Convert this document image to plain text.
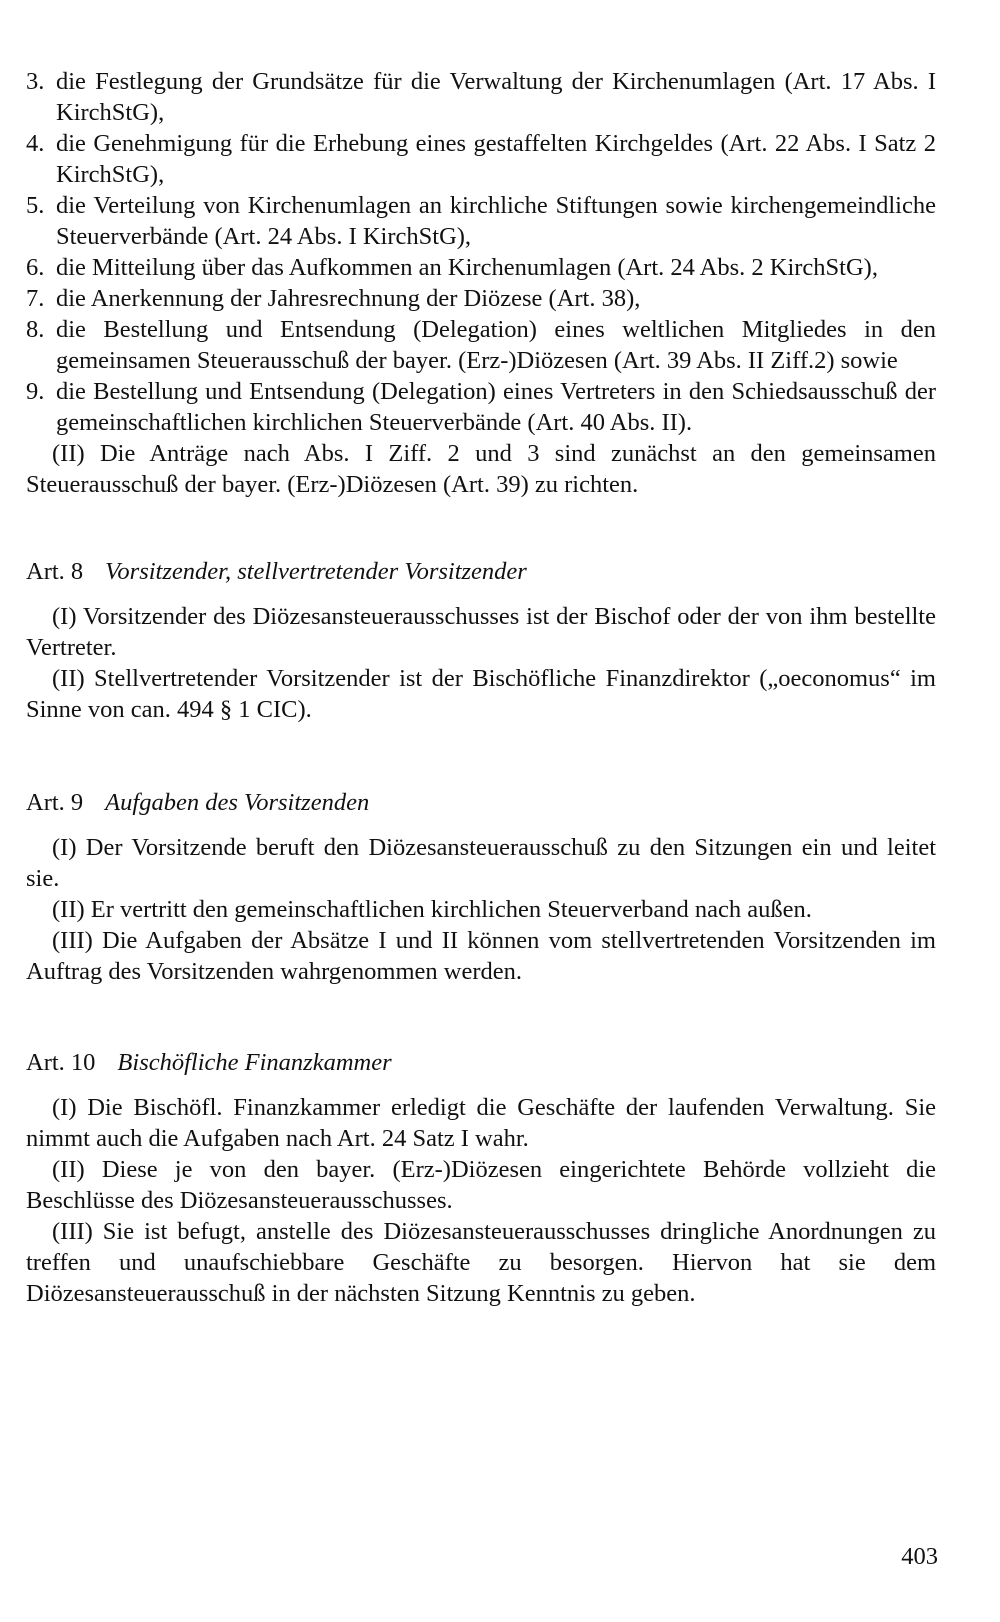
3. die Festlegung der Grundsätze für die Verwaltung der Kirchenumlagen (Art. 17 Abs. I KirchStG),
4. die Genehmigung für die Erhebung eines gestaffelten Kirchgeldes (Art. 22 Abs. I Satz 2 KirchStG),
5. die Verteilung von Kirchenumlagen an kirchliche Stiftungen sowie kirchengemeindliche Steuerverbände (Art. 24 Abs. I KirchStG),
6. die Mitteilung über das Aufkommen an Kirchenumlagen (Art. 24 Abs. 2 KirchStG),
7. die Anerkennung der Jahresrechnung der Diözese (Art. 38),
8. die Bestellung und Entsendung (Delegation) eines weltlichen Mitgliedes in den gemeinsamen Steuerausschuß der bayer. (Erz-)Diözesen (Art. 39 Abs. II Ziff.2) sowie
9. die Bestellung und Entsendung (Delegation) eines Vertreters in den Schiedsausschuß der gemeinschaftlichen kirchlichen Steuerverbände (Art. 40 Abs. II).

(II) Die Anträge nach Abs. I Ziff. 2 und 3 sind zunächst an den gemeinsamen Steuerausschuß der bayer. (Erz-)Diözesen (Art. 39) zu richten.

Art. 8 Vorsitzender, stellvertretender Vorsitzender

(I) Vorsitzender des Diözesansteuerausschusses ist der Bischof oder der von ihm bestellte Vertreter.

(II) Stellvertretender Vorsitzender ist der Bischöfliche Finanzdirektor („oeconomus“ im Sinne von can. 494 § 1 CIC).

Art. 9 Aufgaben des Vorsitzenden

(I) Der Vorsitzende beruft den Diözesansteuerausschuß zu den Sitzungen ein und leitet sie.

(II) Er vertritt den gemeinschaftlichen kirchlichen Steuerverband nach außen.

(III) Die Aufgaben der Absätze I und II können vom stellvertretenden Vorsitzenden im Auftrag des Vorsitzenden wahrgenommen werden.

Art. 10 Bischöfliche Finanzkammer

(I) Die Bischöfl. Finanzkammer erledigt die Geschäfte der laufenden Verwaltung. Sie nimmt auch die Aufgaben nach Art. 24 Satz I wahr.

(II) Diese je von den bayer. (Erz-)Diözesen eingerichtete Behörde vollzieht die Beschlüsse des Diözesansteuerausschusses.

(III) Sie ist befugt, anstelle des Diözesansteuerausschusses dringliche Anordnungen zu treffen und unaufschiebbare Geschäfte zu besorgen. Hiervon hat sie dem Diözesansteuerausschuß in der nächsten Sitzung Kenntnis zu geben.

403
